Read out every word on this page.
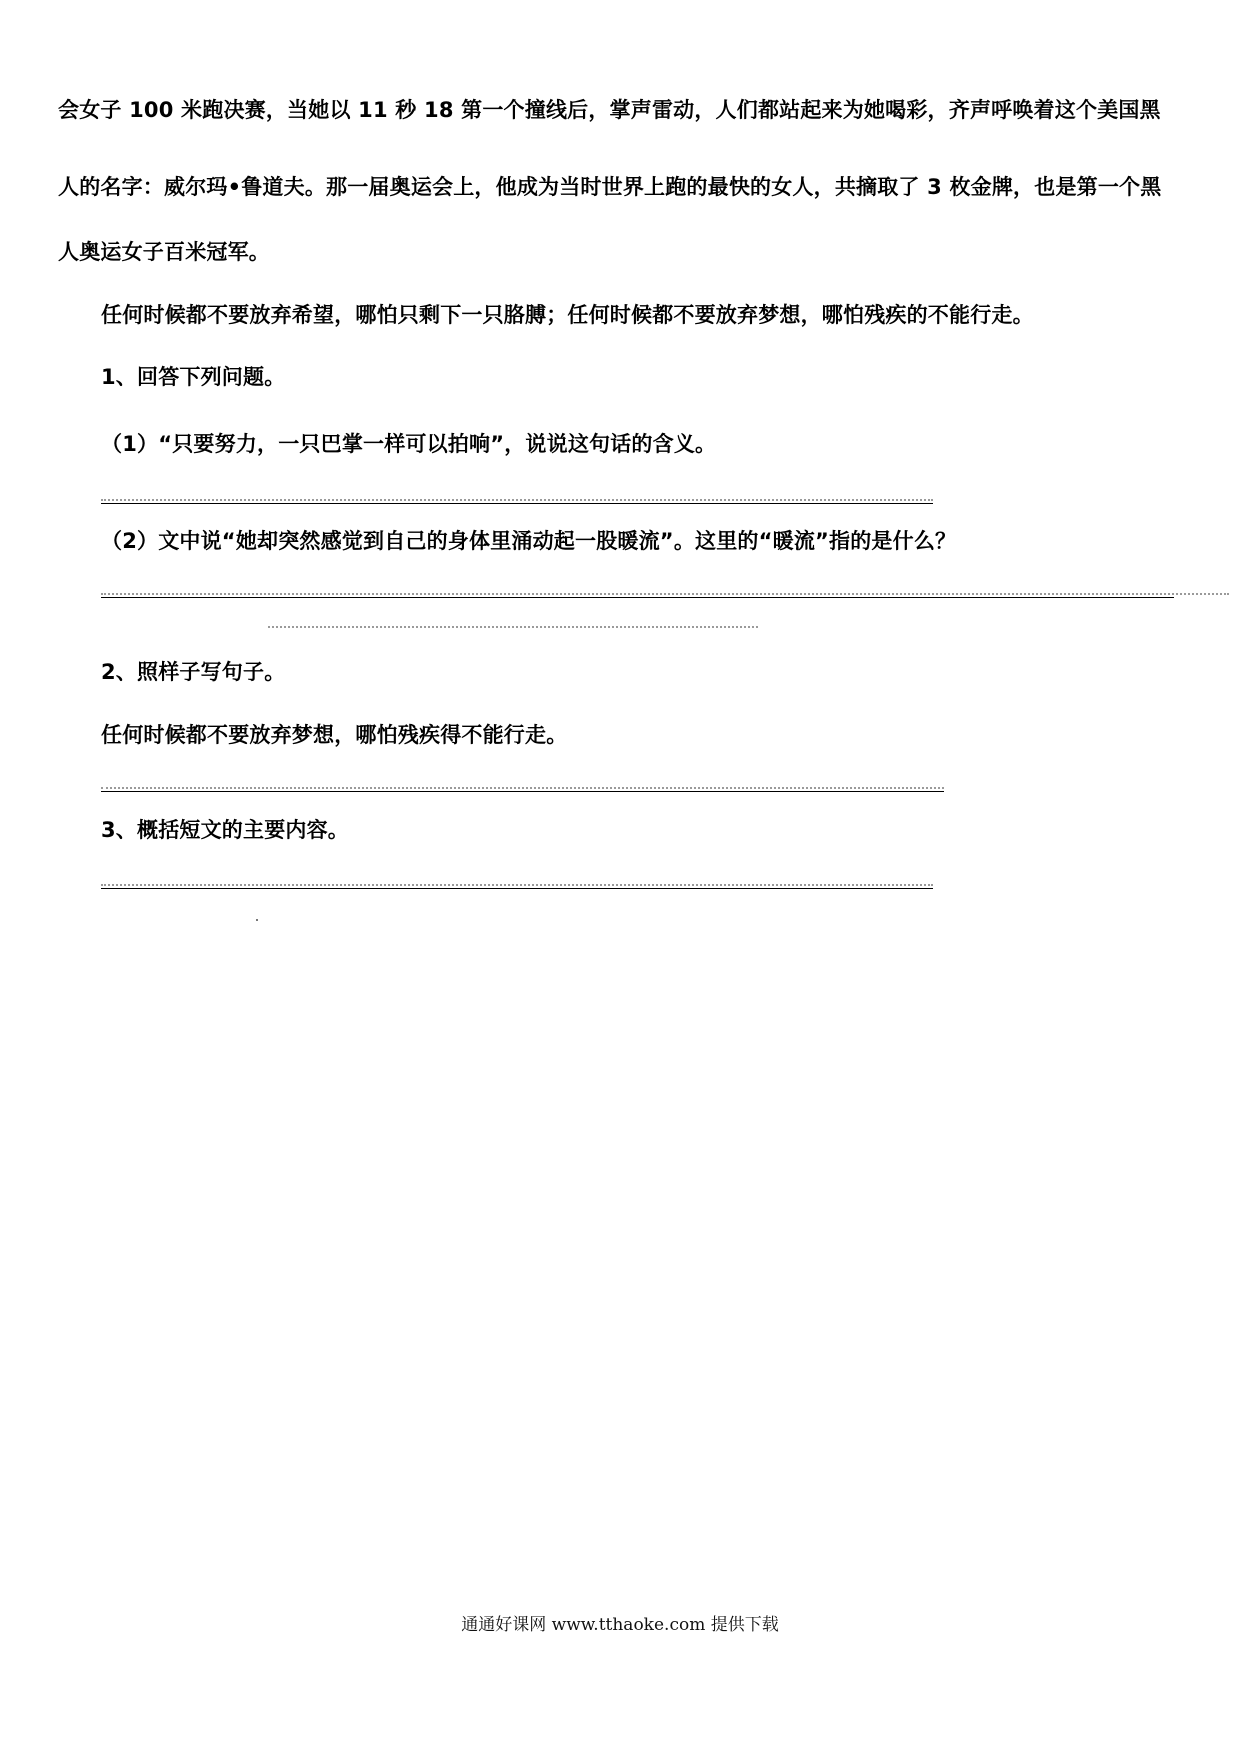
会女子 100 米跑决赛，当她以 11 秒 18 第一个撞线后，掌声雷动，人们都站起来为她喝彩，齐声呼唤着这个美国黑
人的名字：威尔玛•鲁道夫。那一届奥运会上，他成为当时世界上跑的最快的女人，共摘取了 3 枚金牌，也是第一个黑
人奥运女子百米冠军。
任何时候都不要放弃希望，哪怕只剩下一只胳膊；任何时候都不要放弃梦想，哪怕残疾的不能行走。
1、回答下列问题。
（1）“只要努力，一只巴掌一样可以拍响”，说说这句话的含义。
（2）文中说“她却突然感觉到自己的身体里涌动起一股暖流”。这里的“暖流”指的是什么？
2、照样子写句子。
任何时候都不要放弃梦想，哪怕残疾得不能行走。
3、概括短文的主要内容。
通通好课网 www.tthaoke.com 提供下载
